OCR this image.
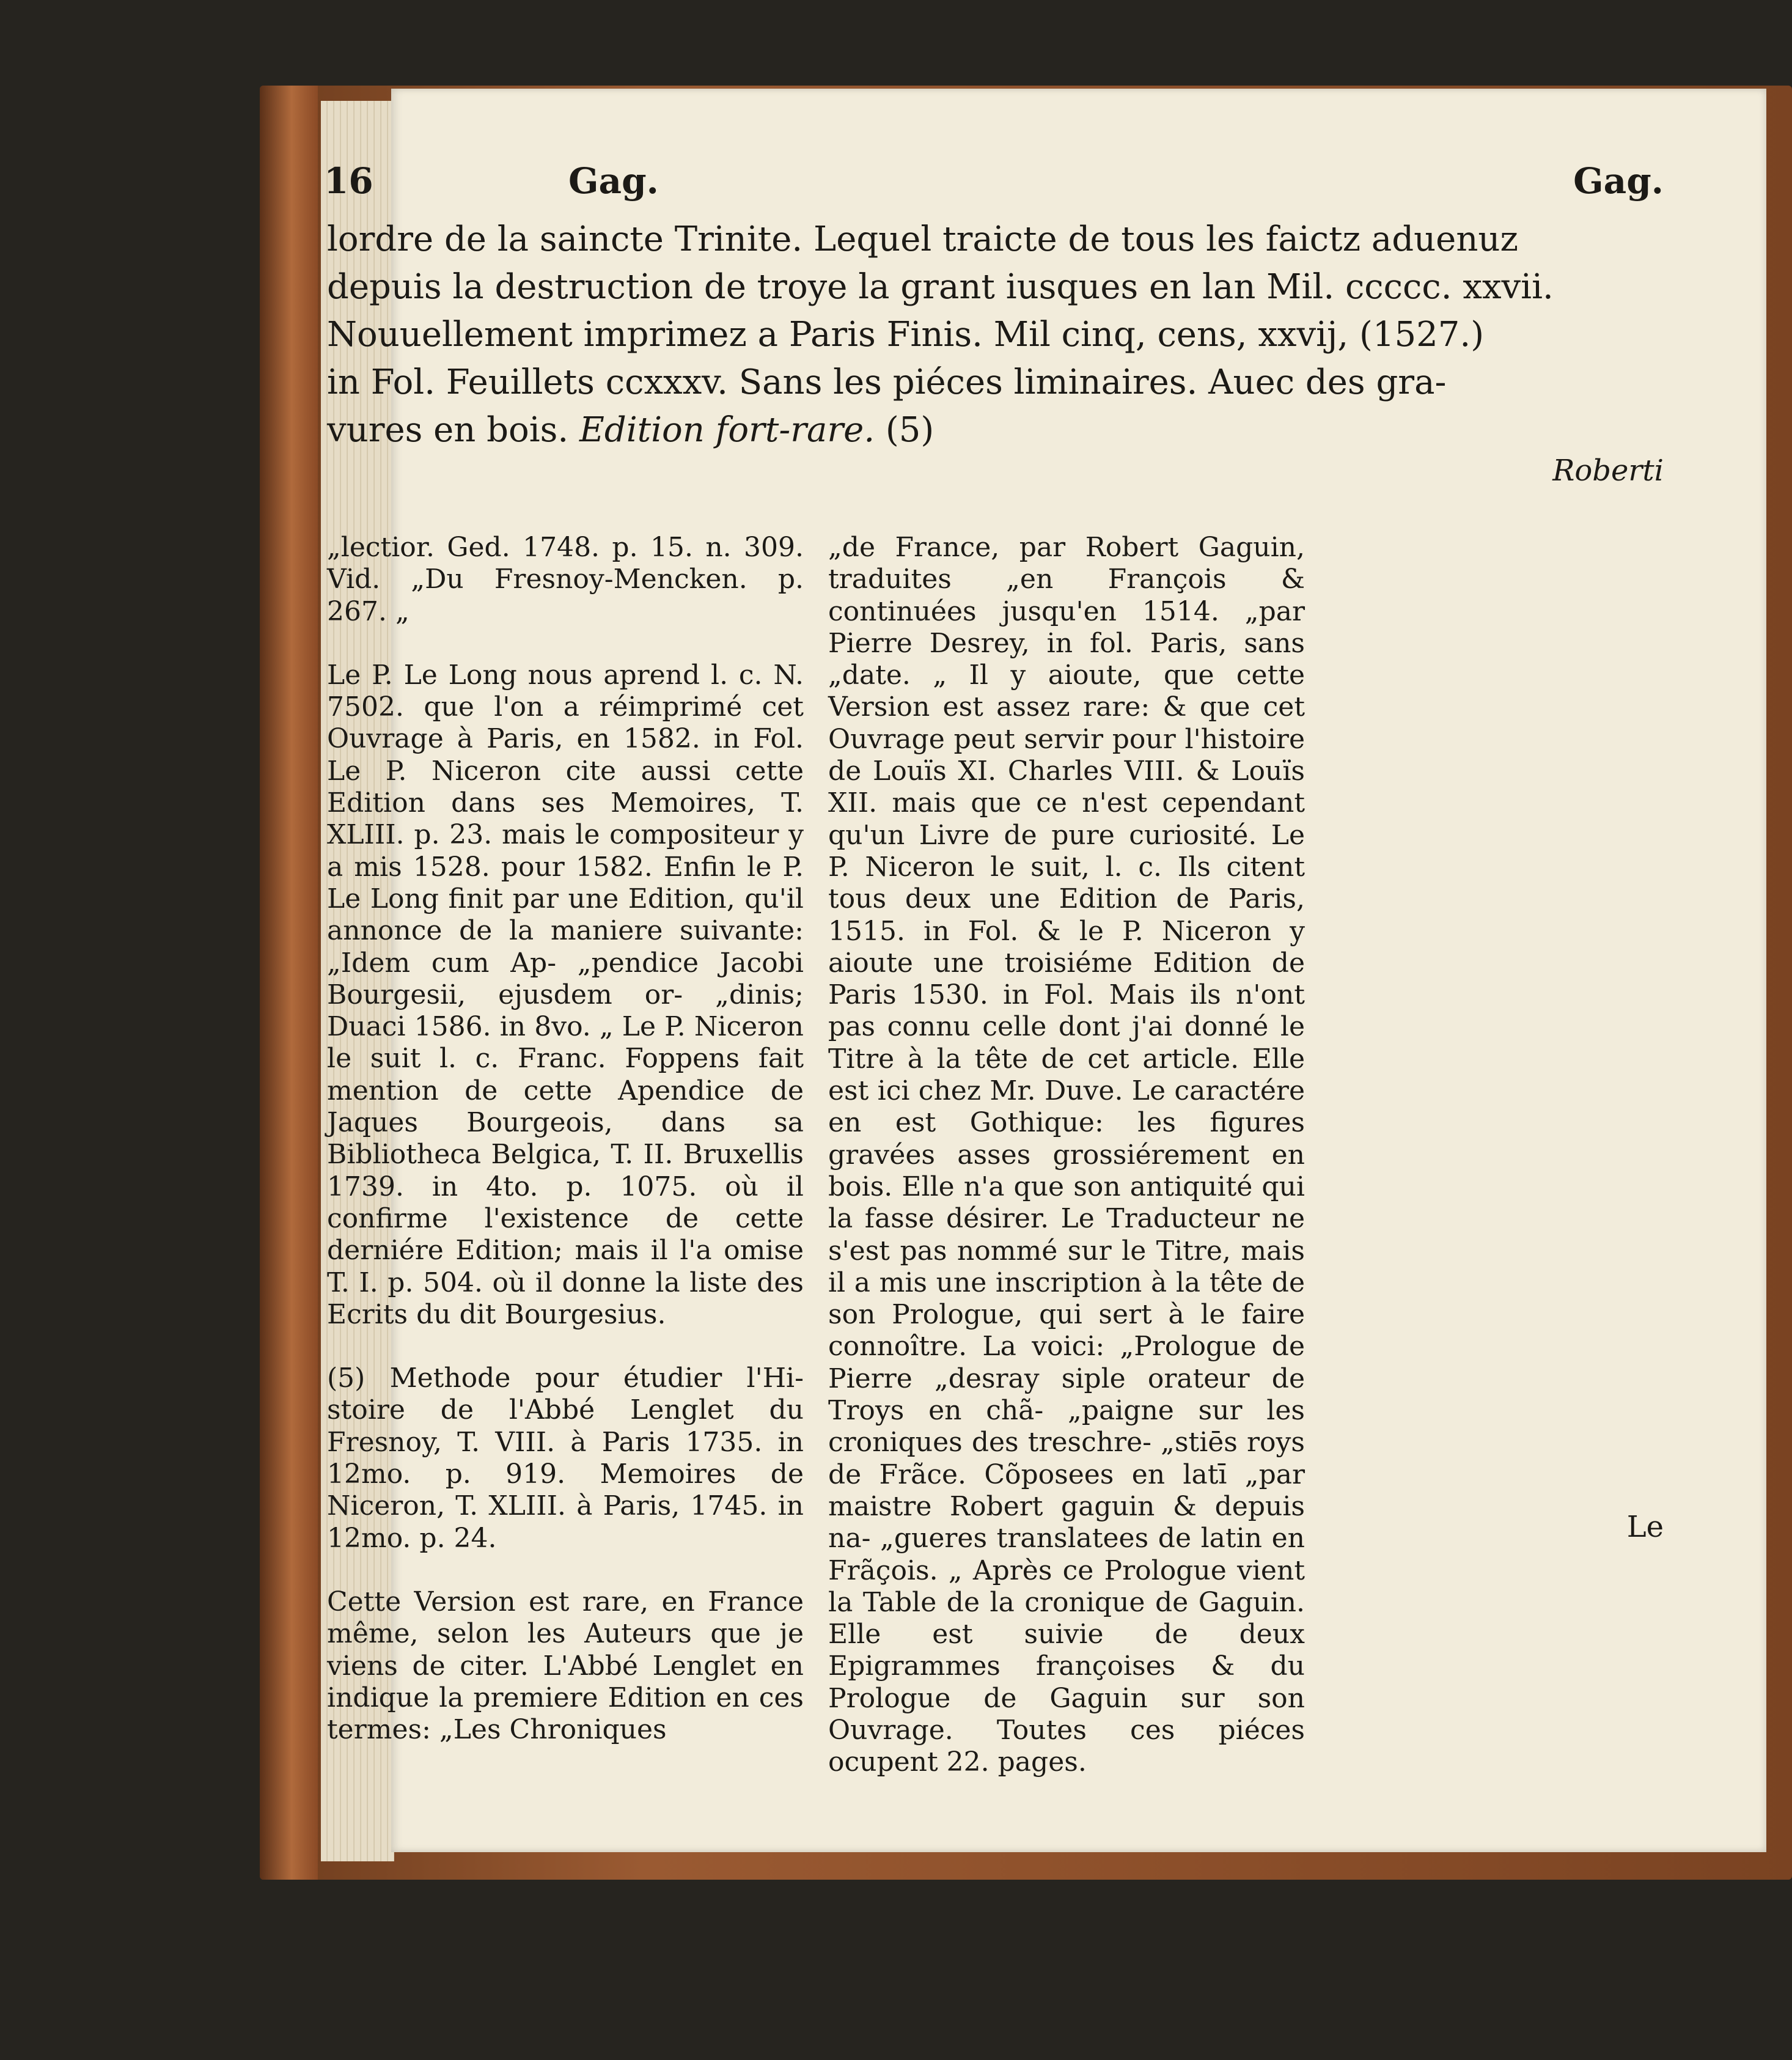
16	Gag.	Gag.
lordre de la saincte Trinite. Lequel traicte de tous les faictz aduenuz
depuis la destruction de troye la grant iusques en lan Mil. ccccc. xxvii.
Nouuellement imprimez a Paris Finis. Mil cinq, cens, xxvij, (1527.)
in Fol. Feuillets ccxxxv. Sans les piéces liminaires. Auec des gra-
vures en bois. Edition fort-rare. (5)
Roberti

„lectior. Ged. 1748. p. 15. n. 309. Vid. „Du Fresnoy-Mencken. p. 267. „

Le P. Le Long nous aprend l. c. N. 7502. que l'on a réimprimé cet Ouvrage à Paris, en 1582. in Fol. Le P. Niceron cite aussi cette Edition dans ses Memoires, T. XLIII. p. 23. mais le compositeur y a mis 1528. pour 1582. Enfin le P. Le Long finit par une Edition, qu'il annonce de la maniere suivante: „Idem cum Ap- „pendice Jacobi Bourgesii, ejusdem or- „dinis; Duaci 1586. in 8vo. „ Le P. Niceron le suit l. c. Franc. Foppens fait mention de cette Apendice de Jaques Bourgeois, dans sa Bibliotheca Belgica, T. II. Bruxellis 1739. in 4to. p. 1075. où il confirme l'existence de cette derniére Edition; mais il l'a omise T. I. p. 504. où il donne la liste des Ecrits du dit Bourgesius.

(5) Methode pour étudier l'Hi- stoire de l'Abbé Lenglet du Fresnoy, T. VIII. à Paris 1735. in 12mo. p. 919. Memoires de Niceron, T. XLIII. à Paris, 1745. in 12mo. p. 24.

Cette Version est rare, en France même, selon les Auteurs que je viens de citer. L'Abbé Lenglet en indique la premiere Edition en ces termes: „Les Chroniques

„de France, par Robert Gaguin, traduites „en François & continuées jusqu'en 1514. „par Pierre Desrey, in fol. Paris, sans „date. „ Il y aioute, que cette Version est assez rare: & que cet Ouvrage peut servir pour l'histoire de Louïs XI. Charles VIII. & Louïs XII. mais que ce n'est cependant qu'un Livre de pure curiosité. Le P. Niceron le suit, l. c. Ils citent tous deux une Edition de Paris, 1515. in Fol. & le P. Niceron y aioute une troisiéme Edition de Paris 1530. in Fol. Mais ils n'ont pas connu celle dont j'ai donné le Titre à la tête de cet article. Elle est ici chez Mr. Duve. Le caractére en est Gothique: les figures gravées asses grossiérement en bois. Elle n'a que son antiquité qui la fasse désirer. Le Traducteur ne s'est pas nommé sur le Titre, mais il a mis une inscription à la tête de son Prologue, qui sert à le faire connoître. La voici: „Prologue de Pierre „desray siple orateur de Troys en chã- „paigne sur les croniques des treschre- „stiēs roys de Frãce. Cõposees en latī „par maistre Robert gaguin & depuis na- „gueres translatees de latin en Frãçois. „ Après ce Prologue vient la Table de la cronique de Gaguin. Elle est suivie de deux Epigrammes françoises & du Prologue de Gaguin sur son Ouvrage. Toutes ces piéces ocupent 22. pages.

Le
